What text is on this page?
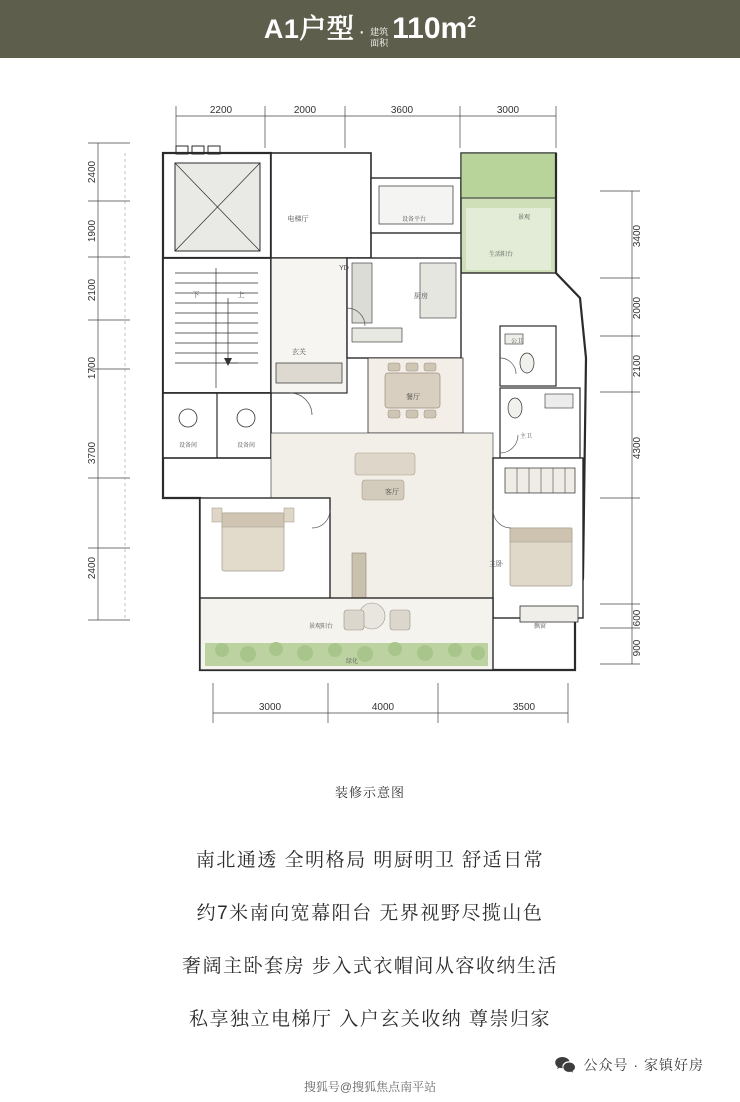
A1户型 · 建筑
面积 $110m^2$
2200	2000	3600	3000
2400
1900
2100
1700
3700
2400
3400
2000
2100
4300
600
900
3000	4000	3500
电梯厅	设备平台	景观
生活阳台
厨房
YD
下	上
玄关
公卫
设备间	设备间
餐厅
主卫
客厅
主卧
飘窗
景观阳台
绿化
装修示意图
南北通透 全明格局 明厨明卫 舒适日常
约7米南向宽幕阳台 无界视野尽揽山色
奢阔主卧套房 步入式衣帽间从容收纳生活
私享独立电梯厅 入户玄关收纳 尊崇归家
公众号 · 家镇好房
搜狐号@搜狐焦点南平站
